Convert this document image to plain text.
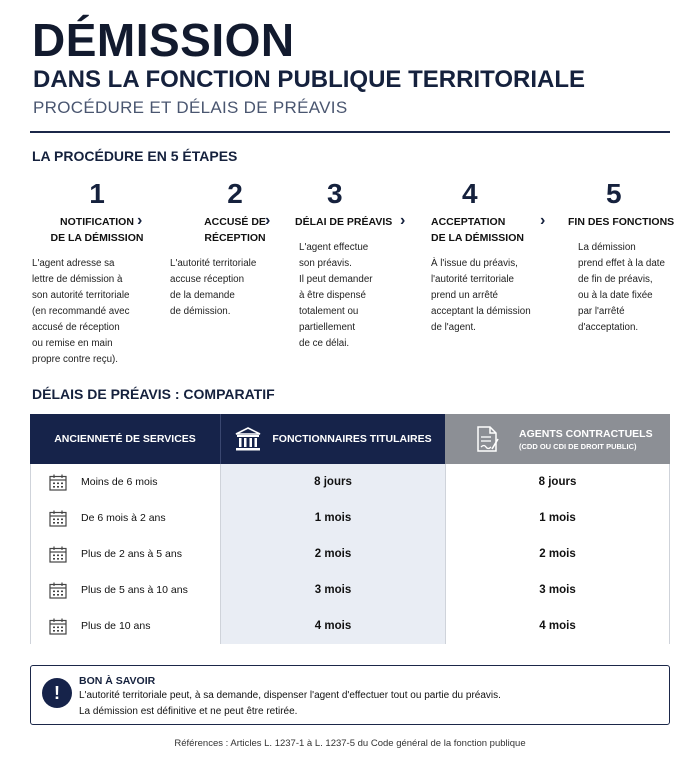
DÉMISSION
DANS LA FONCTION PUBLIQUE TERRITORIALE
PROCÉDURE ET DÉLAIS DE PRÉAVIS
LA PROCÉDURE EN 5 ÉTAPES
1
NOTIFICATION
DE LA DÉMISSION
L'agent adresse sa
lettre de démission à
son autorité territoriale
(en recommandé avec
accusé de réception
ou remise en main
propre contre reçu).
›
2
ACCUSÉ DE
RÉCEPTION
L'autorité territoriale
accuse réception
de la demande
de démission.
›
3
DÉLAI DE PRÉAVIS
L'agent effectue
son préavis.
Il peut demander
à être dispensé
totalement ou
partiellement
de ce délai.
›
4
ACCEPTATION
DE LA DÉMISSION
À l'issue du préavis,
l'autorité territoriale
prend un arrêté
acceptant la démission
de l'agent.
›
5
FIN DES FONCTIONS
La démission
prend effet à la date
de fin de préavis,
ou à la date fixée
par l'arrêté
d'acceptation.
DÉLAIS DE PRÉAVIS : COMPARATIF
ANCIENNETÉ DE SERVICES	FONCTIONNAIRES TITULAIRES	AGENTS CONTRACTUELS
(CDD OU CDI DE DROIT PUBLIC)
Moins de 6 mois	8 jours	8 jours
De 6 mois à 2 ans	1 mois	1 mois
Plus de 2 ans à 5 ans	2 mois	2 mois
Plus de 5 ans à 10 ans	3 mois	3 mois
Plus de 10 ans	4 mois	4 mois
!
BON À SAVOIR
L'autorité territoriale peut, à sa demande, dispenser l'agent d'effectuer tout ou partie du préavis.
La démission est définitive et ne peut être retirée.
Références : Articles L. 1237-1 à L. 1237-5 du Code général de la fonction publique
